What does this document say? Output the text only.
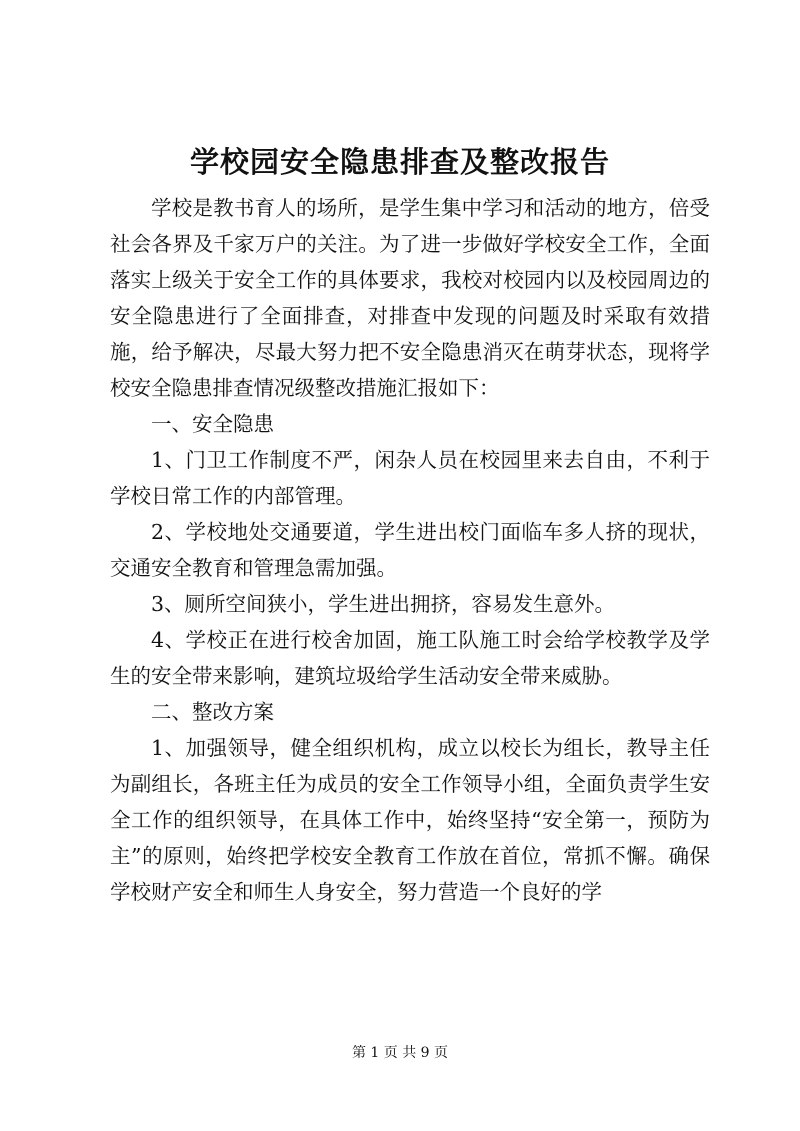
学校园安全隐患排查及整改报告

学校是教书育人的场所，是学生集中学习和活动的地方，倍受社会各界及千家万户的关注。为了进一步做好学校安全工作，全面落实上级关于安全工作的具体要求，我校对校园内以及校园周边的安全隐患进行了全面排查，对排查中发现的问题及时采取有效措施，给予解决，尽最大努力把不安全隐患消灭在萌芽状态，现将学校安全隐患排查情况级整改措施汇报如下：

一、安全隐患

1、门卫工作制度不严，闲杂人员在校园里来去自由，不利于学校日常工作的内部管理。

2、学校地处交通要道，学生进出校门面临车多人挤的现状，交通安全教育和管理急需加强。

3、厕所空间狭小，学生进出拥挤，容易发生意外。

4、学校正在进行校舍加固，施工队施工时会给学校教学及学生的安全带来影响，建筑垃圾给学生活动安全带来威胁。

二、整改方案

1、加强领导，健全组织机构，成立以校长为组长，教导主任为副组长，各班主任为成员的安全工作领导小组，全面负责学生安全工作的组织领导，在具体工作中，始终坚持“安全第一，预防为主”的原则，始终把学校安全教育工作放在首位，常抓不懈。确保学校财产安全和师生人身安全，努力营造一个良好的学

第 1 页 共 9 页
